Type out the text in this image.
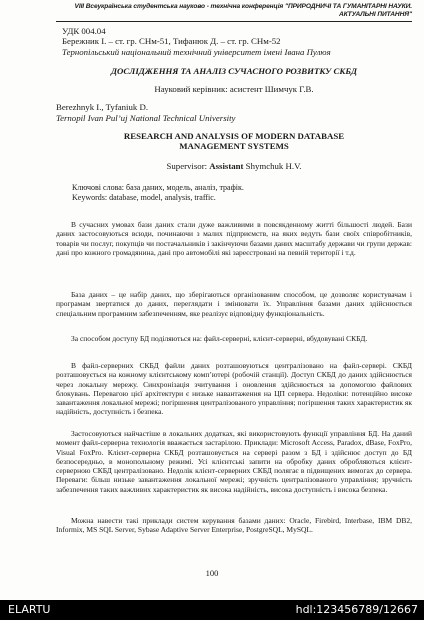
VIII Всеукраїнська студентська науково - технічна конференція "ПРИРОДНИЧІ ТА ГУМАНІТАРНІ НАУКИ. АКТУАЛЬНІ ПИТАННЯ"
УДК 004.04
Бережник І. – ст. гр. СНм-51, Тифанюк Д. – ст. гр. СНм-52
Тернопільський національний технічний університет імені Івана Пулюя
ДОСЛІДЖЕННЯ ТА АНАЛІЗ СУЧАСНОГО РОЗВИТКУ СКБД
Науковий керівник: асистент Шимчук Г.В.
Berezhnyk I., Tyfaniuk D.
Ternopil Ivan Pul’uj National Technical University
RESEARCH AND ANALYSIS OF MODERN DATABASE
MANAGEMENT SYSTEMS
Supervisor: Assistant Shymchuk H.V.
Ключові слова: база даних, модель, аналіз, трафік.
Keywords: database, model, analysis, traffic.

В сучасних умовах бази даних стали дуже важливими в повсякденному житті більшості людей. Бази даних застосовуються всюди, починаючи з малих підприємств, на яких ведуть бази своїх співробітників, товарів чи послуг, покупців чи постачальників і закінчуючи базами даних масштабу держави чи групи держав: дані про кожного громадянина, дані про автомобілі які зареєстровані на певній території і т.д.

База даних – це набір даних, що зберігаються організованим способом, це дозволяє користувачам і програмам звертатися до даних, переглядати і змінювати їх. Управління базами даних здійснюється спеціальним програмним забезпеченням, яке реалізує відповідну функціональність.

За способом доступу БД поділяються на: файл-серверні, клієнт-серверні, вбудовувані СКБД.

В файл-серверних СКБД файли даних розташовуються централізовано на файл-сервері. СКБД розташовується на кожному клієнтському комп’ютері (робочій станції). Доступ СКБД до даних здійснюється через локальну мережу. Синхронізація зчитування і оновлення здійснюється за допомогою файлових блокувань. Перевагою цієї архітектури є низьке навантаження на ЦП сервера. Недоліки: потенційно високе завантаження локальної мережі; погіршення централізованого управління; погіршення таких характеристик як надійність, доступність і безпека.

Застосовуються найчастіше в локальних додатках, які використовують функції управління БД. На даний момент файл-серверна технологія вважається застарілою. Приклади: Microsoft Access, Paradox, dBase, FoxPro, Visual FoxPro. Клієнт-серверна СКБД розташовується на сервері разом з БД і здійснює доступ до БД безпосередньо, в монопольному режимі. Усі клієнтські запити на обробку даних обробляються клієнт-серверною СКБД централізовано. Недолік клієнт-серверних СКБД полягає в підвищених вимогах до сервера. Переваги: більш низьке завантаження локальної мережі; зручність централізованого управління; зручність забезпечення таких важливих характеристик як висока надійність, висока доступність і висока безпека.

Можна навести такі приклади систем керування базами даних: Oracle, Firebird, Interbase, IBM DB2, Informix, MS SQL Server, Sybase Adaptive Server Enterprise, PostgreSQL, MySQL.

100
ELARTU	hdl:123456789/12667
